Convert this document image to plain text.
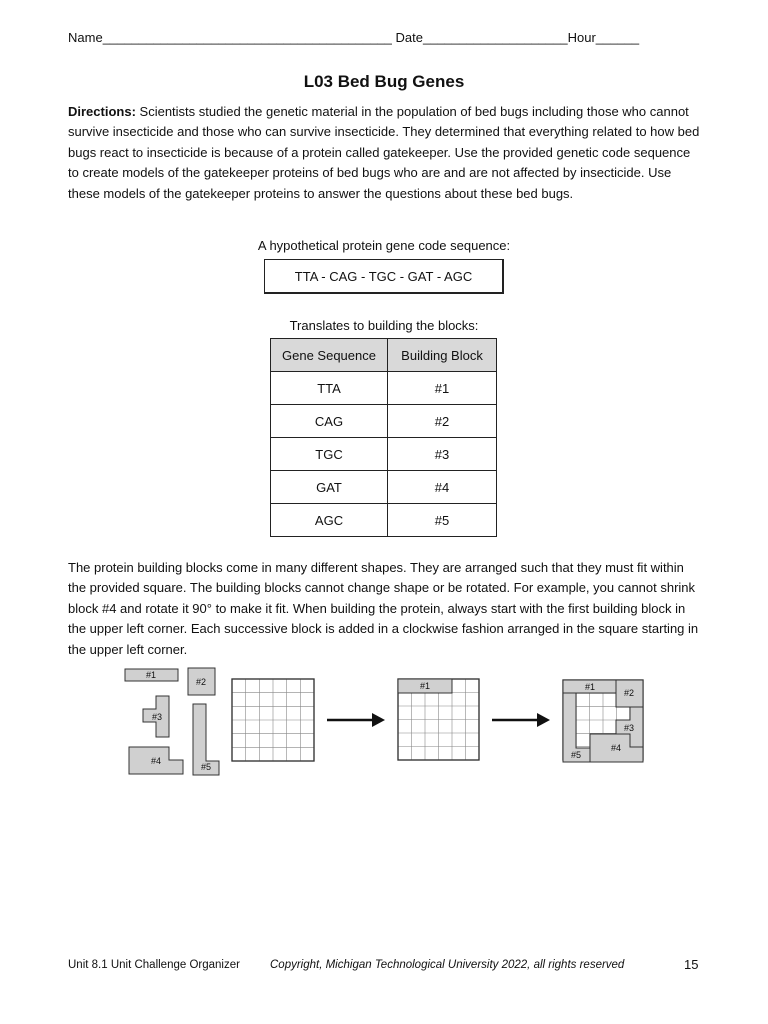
Name________________________________________ Date____________________Hour______
L03 Bed Bug Genes
Directions: Scientists studied the genetic material in the population of bed bugs including those who cannot survive insecticide and those who can survive insecticide. They determined that everything related to how bed bugs react to insecticide is because of a protein called gatekeeper. Use the provided genetic code sequence to create models of the gatekeeper proteins of bed bugs who are and are not affected by insecticide. Use these models of the gatekeeper proteins to answer the questions about these bed bugs.
A hypothetical protein gene code sequence:
TTA - CAG - TGC - GAT - AGC
Translates to building the blocks:
Gene Sequence	Building Block
TTA	#1
CAG	#2
TGC	#3
GAT	#4
AGC	#5
The protein building blocks come in many different shapes. They are arranged such that they must fit within the provided square. The building blocks cannot change shape or be rotated. For example, you cannot shrink block #4 and rotate it 90° to make it fit. When building the protein, always start with the first building block in the upper left corner. Each successive block is added in a clockwise fashion arranged in the square starting in the upper left corner.
#1
#2
#3
#4
#5
#1	#1
#2
#3
#4
#5
Unit 8.1 Unit Challenge Organizer	Copyright, Michigan Technological University 2022, all rights reserved	15
